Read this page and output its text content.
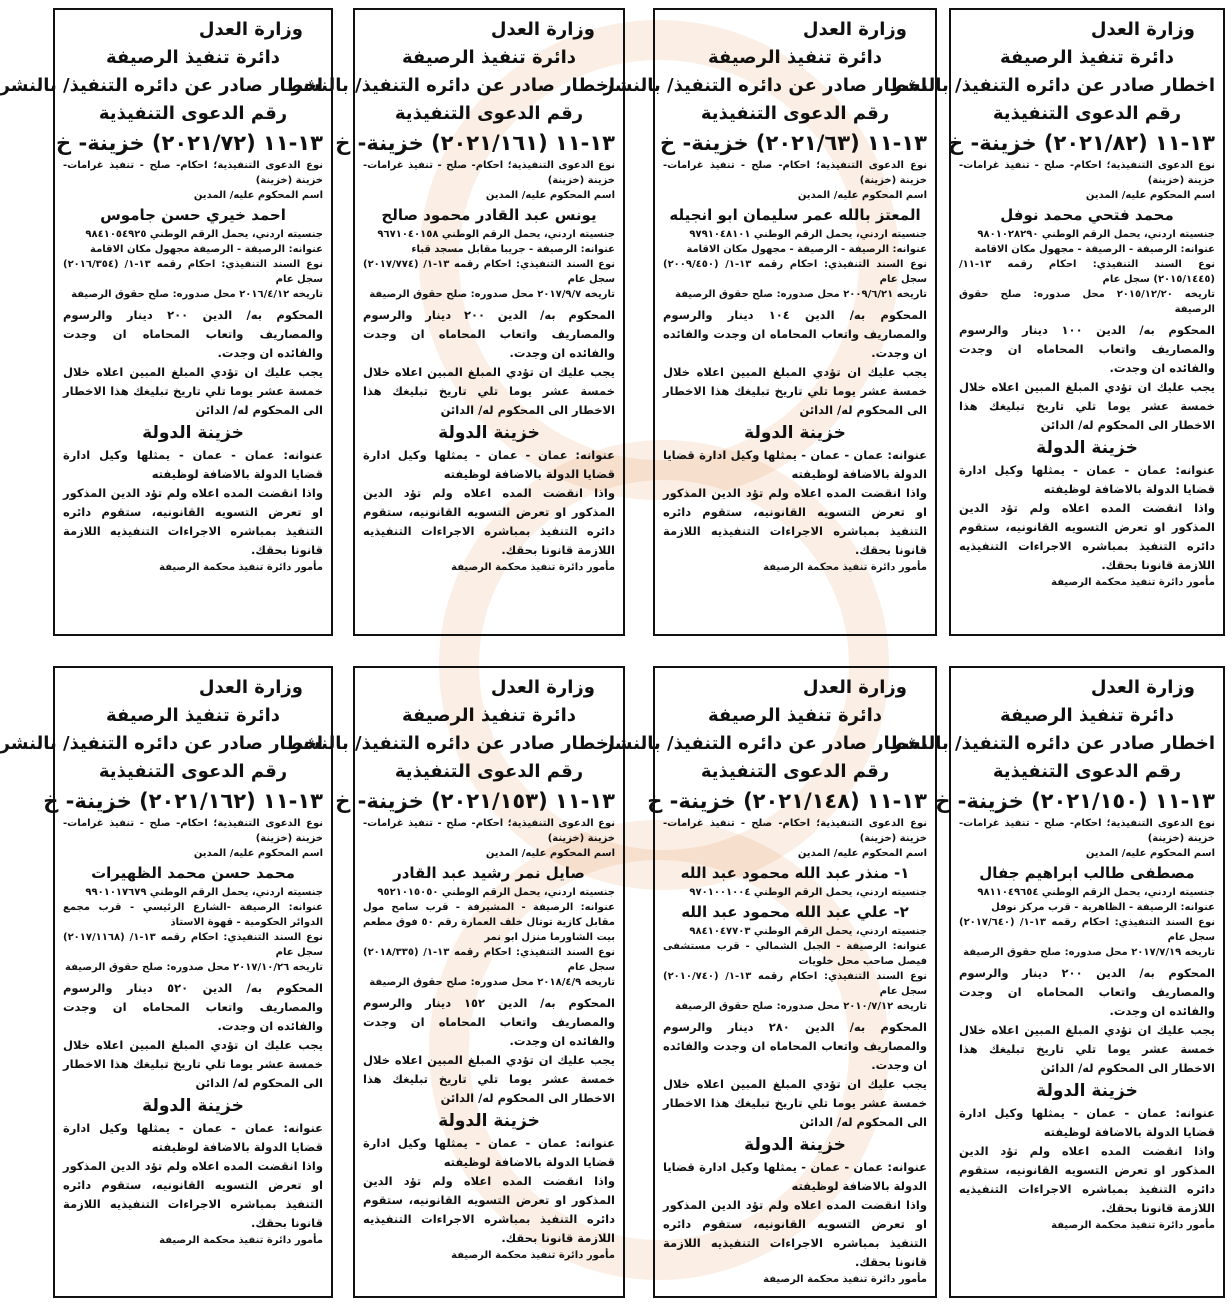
وزارة العدل
دائرة تنفيذ الرصيفة
اخطار صادر عن دائره التنفيذ/ بالنشر
رقم الدعوى التنفيذية
١٣-١١ (٢٠٢١/٨٢) خزينة- خ
نوع الدعوى التنفيذية؛ احكام- صلح - تنفيذ غرامات- خزينة (خزينة)
اسم المحكوم عليه/ المدين
محمد فتحي محمد نوفل
جنسيته اردني، يحمل الرقم الوطني ٩٨٠١٠٢٨٢٩٠
عنوانه: الرصيفة - الرصيفة - مجهول مكان الاقامة
نوع السند التنفيذي: احكام رقمه ١٣-١١/ (٢٠١٥/١٤٤٥) سجل عام
تاريخه ٢٠١٥/١٢/٢٠ محل صدوره: صلح حقوق الرصيفة
المحكوم به/ الدين ١٠٠ دينار والرسوم والمصاريف واتعاب المحاماه ان وجدت والفائده ان وجدت.
يجب عليك ان تؤدي المبلغ المبين اعلاه خلال خمسة عشر يوما تلي تاريخ تبليغك هذا الاخطار الى المحكوم له/ الدائن
خزينة الدولة
عنوانه: عمان - عمان - يمثلها وكيل ادارة قضايا الدولة بالاضافة لوظيفته
واذا انقضت المده اعلاه ولم تؤد الدين المذكور او تعرض التسويه القانونيه، ستقوم دائره التنفيذ بمباشره الاجراءات التنفيذيه اللازمة قانونا بحقك.
مأمور دائرة تنفيذ محكمة الرصيفة
وزارة العدل
دائرة تنفيذ الرصيفة
اخطار صادر عن دائره التنفيذ/ بالنشر
رقم الدعوى التنفيذية
١٣-١١ (٢٠٢١/٦٣) خزينة- خ
نوع الدعوى التنفيذية؛ احكام- صلح - تنفيذ غرامات- خزينة (خزينة)
اسم المحكوم عليه/ المدين
المعتز بالله عمر سليمان ابو انجيله
جنسيته اردني، يحمل الرقم الوطني ٩٧٩١٠٤٨١٠١
عنوانه: الرصيفة - الرصيفة - مجهول مكان الاقامة
نوع السند التنفيذي: احكام رقمه ١٣-١/ (٢٠٠٩/٤٥٠) سجل عام
تاريخه ٢٠٠٩/٦/٢١ محل صدوره: صلح حقوق الرصيفة
المحكوم به/ الدين ١٠٤ دينار والرسوم والمصاريف واتعاب المحاماه ان وجدت والفائده ان وجدت.
يجب عليك ان تؤدي المبلغ المبين اعلاه خلال خمسة عشر يوما تلي تاريخ تبليغك هذا الاخطار الى المحكوم له/ الدائن
خزينة الدولة
عنوانه: عمان - عمان - يمثلها وكيل ادارة قضايا الدولة بالاضافة لوظيفته
واذا انقضت المده اعلاه ولم تؤد الدين المذكور او تعرض التسويه القانونيه، ستقوم دائره التنفيذ بمباشره الاجراءات التنفيذيه اللازمة قانونا بحقك.
مأمور دائرة تنفيذ محكمة الرصيفة
وزارة العدل
دائرة تنفيذ الرصيفة
اخطار صادر عن دائره التنفيذ/ بالنشر
رقم الدعوى التنفيذية
١٣-١١ (٢٠٢١/١٦١) خزينة- خ
نوع الدعوى التنفيذية؛ احكام- صلح - تنفيذ غرامات- خزينة (خزينة)
اسم المحكوم عليه/ المدين
يونس عبد القادر محمود صالح
جنسيته اردني، يحمل الرقم الوطني ٩٦٧١٠٤٠١٥٨
عنوانه: الرصيفة - جريبا مقابل مسجد قباء
نوع السند التنفيذي: احكام رقمه ١٣-١/ (٢٠١٧/٧٧٤) سجل عام
تاريخه ٢٠١٧/٩/٧ محل صدوره: صلح حقوق الرصيفة
المحكوم به/ الدين ٢٠٠ دينار والرسوم والمصاريف واتعاب المحاماه ان وجدت والفائده ان وجدت.
يجب عليك ان تؤدي المبلغ المبين اعلاه خلال خمسة عشر يوما تلي تاريخ تبليغك هذا الاخطار الى المحكوم له/ الدائن
خزينة الدولة
عنوانه: عمان - عمان - يمثلها وكيل ادارة قضايا الدولة بالاضافة لوظيفته
واذا انقضت المده اعلاه ولم تؤد الدين المذكور او تعرض التسويه القانونيه، ستقوم دائره التنفيذ بمباشره الاجراءات التنفيذيه اللازمة قانونا بحقك.
مأمور دائرة تنفيذ محكمة الرصيفة
وزارة العدل
دائرة تنفيذ الرصيفة
اخطار صادر عن دائره التنفيذ/ بالنشر
رقم الدعوى التنفيذية
١٣-١١ (٢٠٢١/٧٢) خزينة- خ
نوع الدعوى التنفيذية؛ احكام- صلح - تنفيذ غرامات- خزينة (خزينة)
اسم المحكوم عليه/ المدين
احمد خيري حسن جاموس
جنسيته اردني، يحمل الرقم الوطني ٩٨٤١٠٥٤٩٢٥
عنوانه: الرصيفة - الرصيفة مجهول مكان الاقامة
نوع السند التنفيذي: احكام رقمه ١٣-١/ (٢٠١٦/٣٥٤) سجل عام
تاريخه ٢٠١٦/٤/١٢ محل صدوره: صلح حقوق الرصيفة
المحكوم به/ الدين ٢٠٠ دينار والرسوم والمصاريف واتعاب المحاماه ان وجدت والفائده ان وجدت.
يجب عليك ان تؤدي المبلغ المبين اعلاه خلال خمسة عشر يوما تلي تاريخ تبليغك هذا الاخطار الى المحكوم له/ الدائن
خزينة الدولة
عنوانه: عمان - عمان - يمثلها وكيل ادارة قضايا الدولة بالاضافة لوظيفته
واذا انقضت المده اعلاه ولم تؤد الدين المذكور او تعرض التسويه القانونيه، ستقوم دائره التنفيذ بمباشره الاجراءات التنفيذيه اللازمة قانونا بحقك.
مأمور دائرة تنفيذ محكمة الرصيفة
وزارة العدل
دائرة تنفيذ الرصيفة
اخطار صادر عن دائره التنفيذ/ بالنشر
رقم الدعوى التنفيذية
١٣-١١ (٢٠٢١/١٥٠) خزينة- خ
نوع الدعوى التنفيذية؛ احكام- صلح - تنفيذ غرامات- خزينة (خزينة)
اسم المحكوم عليه/ المدين
مصطفى طالب ابراهيم جفال
جنسيته اردني، يحمل الرقم الوطني ٩٨١١٠٤٩٦٥٤
عنوانه: الرصيفة - الظاهرية - قرب مركز نوفل
نوع السند التنفيذي: احكام رقمه ١٣-١/ (٢٠١٧/٦٤٠) سجل عام
تاريخه ٢٠١٧/٧/١٩ محل صدوره: صلح حقوق الرصيفة
المحكوم به/ الدين ٢٠٠ دينار والرسوم والمصاريف واتعاب المحاماه ان وجدت والفائده ان وجدت.
يجب عليك ان تؤدي المبلغ المبين اعلاه خلال خمسة عشر يوما تلي تاريخ تبليغك هذا الاخطار الى المحكوم له/ الدائن
خزينة الدولة
عنوانه: عمان - عمان - يمثلها وكيل ادارة قضايا الدولة بالاضافة لوظيفته
واذا انقضت المده اعلاه ولم تؤد الدين المذكور او تعرض التسويه القانونيه، ستقوم دائره التنفيذ بمباشره الاجراءات التنفيذيه اللازمة قانونا بحقك.
مأمور دائرة تنفيذ محكمة الرصيفة
وزارة العدل
دائرة تنفيذ الرصيفة
اخطار صادر عن دائره التنفيذ/ بالنشر
رقم الدعوى التنفيذية
١٣-١١ (٢٠٢١/١٤٨) خزينة- خ
نوع الدعوى التنفيذية؛ احكام- صلح - تنفيذ غرامات- خزينة (خزينة)
اسم المحكوم عليه/ المدين
١- منذر عبد الله محمود عبد الله
جنسيته اردني، يحمل الرقم الوطني ٩٧٠١٠٠١٠٠٤
٢- علي عبد الله محمود عبد الله
جنسيته اردني، يحمل الرقم الوطني ٩٨٤١٠٤٧٧٠٣
عنوانه: الرصيفة - الجبل الشمالي - قرب مستشفى فيصل صاحب محل خلويات
نوع السند التنفيذي: احكام رقمه ١٣-١/ (٢٠١٠/٧٤٠) سجل عام
تاريخه ٢٠١٠/٧/١٢ محل صدوره: صلح حقوق الرصيفة
المحكوم به/ الدين ٢٨٠ دينار والرسوم والمصاريف واتعاب المحاماه ان وجدت والفائده ان وجدت.
يجب عليك ان تؤدي المبلغ المبين اعلاه خلال خمسة عشر يوما تلي تاريخ تبليغك هذا الاخطار الى المحكوم له/ الدائن
خزينة الدولة
عنوانه: عمان - عمان - يمثلها وكيل ادارة قضايا الدولة بالاضافة لوظيفته
واذا انقضت المده اعلاه ولم تؤد الدين المذكور او تعرض التسويه القانونيه، ستقوم دائره التنفيذ بمباشره الاجراءات التنفيذيه اللازمة قانونا بحقك.
مأمور دائرة تنفيذ محكمة الرصيفة
وزارة العدل
دائرة تنفيذ الرصيفة
اخطار صادر عن دائره التنفيذ/ بالنشر
رقم الدعوى التنفيذية
١٣-١١ (٢٠٢١/١٥٣) خزينة- خ
نوع الدعوى التنفيذية؛ احكام- صلح - تنفيذ غرامات- خزينة (خزينة)
اسم المحكوم عليه/ المدين
صايل نمر رشيد عبد القادر
جنسيته اردني، يحمل الرقم الوطني ٩٥٢١٠١٥٠٥٠
عنوانه: الرصيفة - المشيرفة - قرب سامح مول مقابل كازية توتال خلف العمارة رقم ٥٠ فوق مطعم بيت الشاورما منزل ابو نمر
نوع السند التنفيذي: احكام رقمه ١٣-١/ (٢٠١٨/٣٣٥) سجل عام
تاريخه ٢٠١٨/٤/٩ محل صدوره: صلح حقوق الرصيفة
المحكوم به/ الدين ١٥٢ دينار والرسوم والمصاريف واتعاب المحاماه ان وجدت والفائده ان وجدت.
يجب عليك ان تؤدي المبلغ المبين اعلاه خلال خمسة عشر يوما تلي تاريخ تبليغك هذا الاخطار الى المحكوم له/ الدائن
خزينة الدولة
عنوانه: عمان - عمان - يمثلها وكيل ادارة قضايا الدولة بالاضافة لوظيفته
واذا انقضت المده اعلاه ولم تؤد الدين المذكور او تعرض التسويه القانونيه، ستقوم دائره التنفيذ بمباشره الاجراءات التنفيذيه اللازمة قانونا بحقك.
مأمور دائرة تنفيذ محكمة الرصيفة
وزارة العدل
دائرة تنفيذ الرصيفة
اخطار صادر عن دائره التنفيذ/ بالنشر
رقم الدعوى التنفيذية
١٣-١١ (٢٠٢١/١٦٢) خزينة- خ
نوع الدعوى التنفيذية؛ احكام- صلح - تنفيذ غرامات- خزينة (خزينة)
اسم المحكوم عليه/ المدين
محمد حسن محمد الظهيرات
جنسيته اردني، يحمل الرقم الوطني ٩٩٠١٠١٧٦٧٩
عنوانه: الرصيفة -الشارع الرئيسي - قرب مجمع الدوائر الحكومية - قهوة الاستاذ
نوع السند التنفيذي: احكام رقمه ١٣-١/ (٢٠١٧/١١٦٨) سجل عام
تاريخه ٢٠١٧/١٠/٢٦ محل صدوره: صلح حقوق الرصيفة
المحكوم به/ الدين ٥٢٠ دينار والرسوم والمصاريف واتعاب المحاماه ان وجدت والفائده ان وجدت.
يجب عليك ان تؤدي المبلغ المبين اعلاه خلال خمسة عشر يوما تلي تاريخ تبليغك هذا الاخطار الى المحكوم له/ الدائن
خزينة الدولة
عنوانه: عمان - عمان - يمثلها وكيل ادارة قضايا الدولة بالاضافة لوظيفته
واذا انقضت المده اعلاه ولم تؤد الدين المذكور او تعرض التسويه القانونيه، ستقوم دائره التنفيذ بمباشره الاجراءات التنفيذيه اللازمة قانونا بحقك.
مأمور دائرة تنفيذ محكمة الرصيفة
